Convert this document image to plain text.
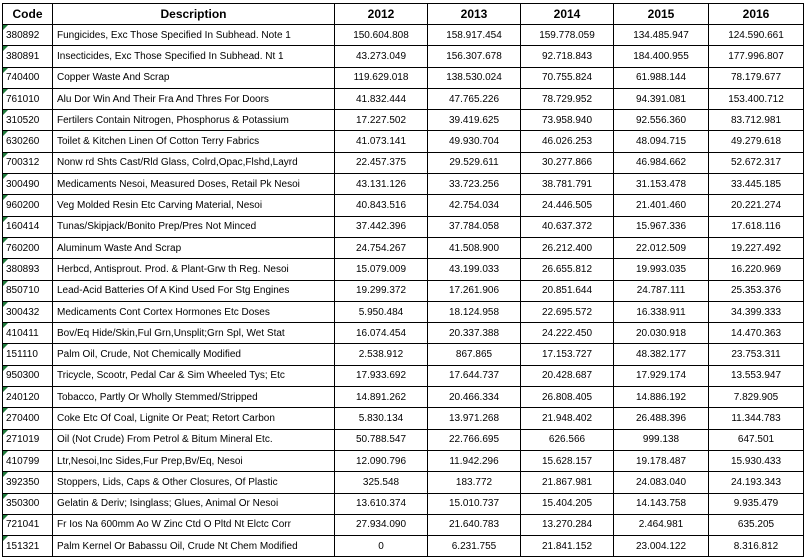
Code	Description	2012	2013	2014	2015	2016
380892	Fungicides, Exc Those Specified In Subhead. Note 1	150.604.808	158.917.454	159.778.059	134.485.947	124.590.661
380891	Insecticides, Exc Those Specified In Subhead. Nt 1	43.273.049	156.307.678	92.718.843	184.400.955	177.996.807
740400	Copper Waste And Scrap	119.629.018	138.530.024	70.755.824	61.988.144	78.179.677
761010	Alu Dor Win And Their Fra And Thres For Doors	41.832.444	47.765.226	78.729.952	94.391.081	153.400.712
310520	Fertilers Contain Nitrogen, Phosphorus & Potassium	17.227.502	39.419.625	73.958.940	92.556.360	83.712.981
630260	Toilet & Kitchen Linen Of Cotton Terry Fabrics	41.073.141	49.930.704	46.026.253	48.094.715	49.279.618
700312	Nonw rd Shts Cast/Rld Glass, Colrd,Opac,Flshd,Layrd	22.457.375	29.529.611	30.277.866	46.984.662	52.672.317
300490	Medicaments Nesoi, Measured Doses, Retail Pk Nesoi	43.131.126	33.723.256	38.781.791	31.153.478	33.445.185
960200	Veg Molded Resin Etc Carving Material, Nesoi	40.843.516	42.754.034	24.446.505	21.401.460	20.221.274
160414	Tunas/Skipjack/Bonito Prep/Pres Not Minced	37.442.396	37.784.058	40.637.372	15.967.336	17.618.116
760200	Aluminum Waste And Scrap	24.754.267	41.508.900	26.212.400	22.012.509	19.227.492
380893	Herbcd, Antisprout. Prod. & Plant-Grw th Reg. Nesoi	15.079.009	43.199.033	26.655.812	19.993.035	16.220.969
850710	Lead-Acid Batteries Of A Kind Used For Stg Engines	19.299.372	17.261.906	20.851.644	24.787.111	25.353.376
300432	Medicaments Cont Cortex Hormones Etc Doses	5.950.484	18.124.958	22.695.572	16.338.911	34.399.333
410411	Bov/Eq Hide/Skin,Ful Grn,Unsplit;Grn Spl, Wet Stat	16.074.454	20.337.388	24.222.450	20.030.918	14.470.363
151110	Palm Oil, Crude, Not Chemically Modified	2.538.912	867.865	17.153.727	48.382.177	23.753.311
950300	Tricycle, Scootr, Pedal Car & Sim Wheeled Tys; Etc	17.933.692	17.644.737	20.428.687	17.929.174	13.553.947
240120	Tobacco, Partly Or Wholly Stemmed/Stripped	14.891.262	20.466.334	26.808.405	14.886.192	7.829.905
270400	Coke Etc Of Coal, Lignite Or Peat; Retort Carbon	5.830.134	13.971.268	21.948.402	26.488.396	11.344.783
271019	Oil (Not Crude) From Petrol & Bitum Mineral Etc.	50.788.547	22.766.695	626.566	999.138	647.501
410799	Ltr,Nesoi,Inc Sides,Fur Prep,Bv/Eq, Nesoi	12.090.796	11.942.296	15.628.157	19.178.487	15.930.433
392350	Stoppers, Lids, Caps & Other Closures, Of Plastic	325.548	183.772	21.867.981	24.083.040	24.193.343
350300	Gelatin & Deriv; Isinglass; Glues, Animal Or Nesoi	13.610.374	15.010.737	15.404.205	14.143.758	9.935.479
721041	Fr Ios Na 600mm Ao W Zinc Ctd O Pltd Nt Elctc Corr	27.934.090	21.640.783	13.270.284	2.464.981	635.205
151321	Palm Kernel Or Babassu Oil, Crude Nt Chem Modified	0	6.231.755	21.841.152	23.004.122	8.316.812
